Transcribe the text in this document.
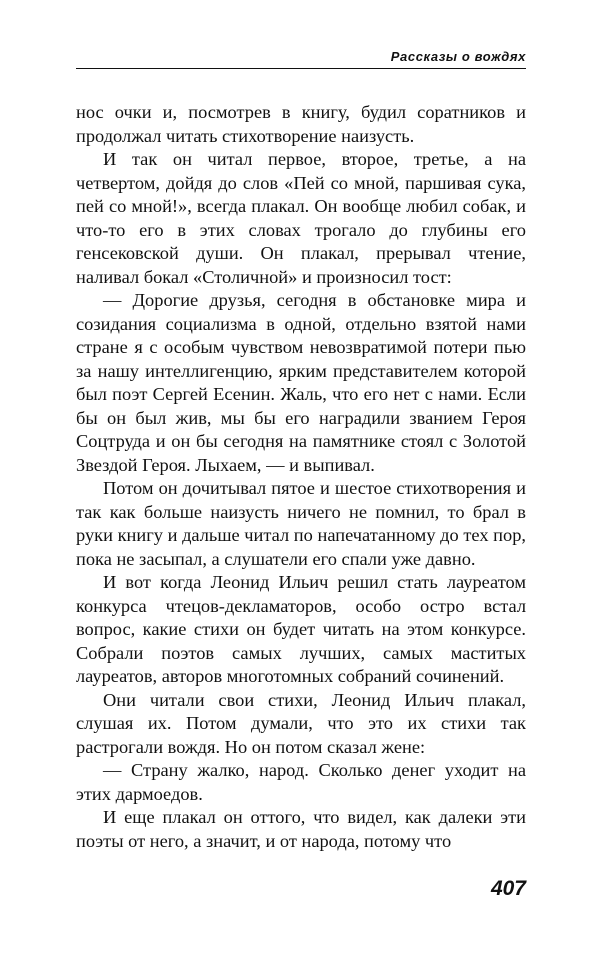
Рассказы о вождях

нос очки и, посмотрев в книгу, будил соратников и продолжал читать стихотворение наизусть.

И так он читал первое, второе, третье, а на четвертом, дойдя до слов «Пей со мной, паршивая сука, пей со мной!», всегда плакал. Он вообще любил собак, и что-то его в этих словах трогало до глубины его генсековской души. Он плакал, прерывал чтение, наливал бокал «Столичной» и произносил тост:

— Дорогие друзья, сегодня в обстановке мира и созидания социализма в одной, отдельно взятой нами стране я с особым чувством невозвратимой потери пью за нашу интеллигенцию, ярким представителем которой был поэт Сергей Есенин. Жаль, что его нет с нами. Если бы он был жив, мы бы его наградили званием Героя Соцтруда и он бы сегодня на памятнике стоял с Золотой Звездой Героя. Лыхаем, — и выпивал.

Потом он дочитывал пятое и шестое стихотворения и так как больше наизусть ничего не помнил, то брал в руки книгу и дальше читал по напечатанному до тех пор, пока не засыпал, а слушатели его спали уже давно.

И вот когда Леонид Ильич решил стать лауреатом конкурса чтецов-декламаторов, особо остро встал вопрос, какие стихи он будет читать на этом конкурсе. Собрали поэтов самых лучших, самых маститых лауреатов, авторов многотомных собраний сочинений.

Они читали свои стихи, Леонид Ильич плакал, слушая их. Потом думали, что это их стихи так растрогали вождя. Но он потом сказал жене:

— Страну жалко, народ. Сколько денег уходит на этих дармоедов.

И еще плакал он оттого, что видел, как далеки эти поэты от него, а значит, и от народа, потому что

407
